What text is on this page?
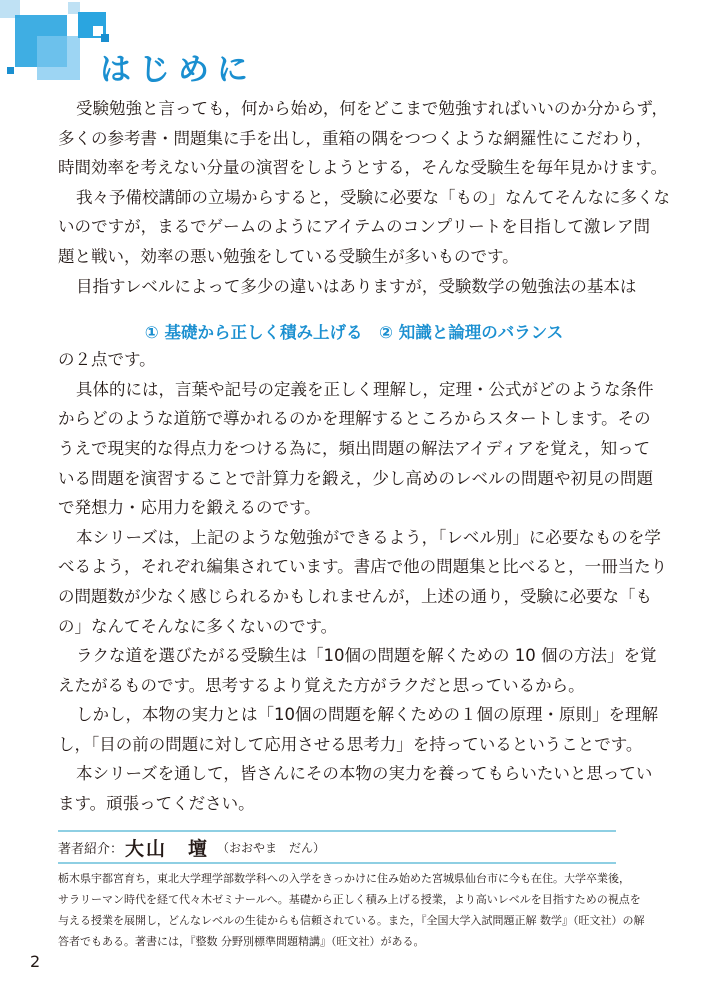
はじめに
受験勉強と言っても，何から始め，何をどこまで勉強すればいいのか分からず，
多くの参考書・問題集に手を出し，重箱の隅をつつくような網羅性にこだわり，
時間効率を考えない分量の演習をしようとする，そんな受験生を毎年見かけます。
我々予備校講師の立場からすると，受験に必要な「もの」なんてそんなに多くな
いのですが，まるでゲームのようにアイテムのコンプリートを目指して激レア問
題と戦い，効率の悪い勉強をしている受験生が多いものです。
目指すレベルによって多少の違いはありますが，受験数学の勉強法の基本は
① 基礎から正しく積み上げる　② 知識と論理のバランス
の２点です。
具体的には，言葉や記号の定義を正しく理解し，定理・公式がどのような条件
からどのような道筋で導かれるのかを理解するところからスタートします。その
うえで現実的な得点力をつける為に，頻出問題の解法アイディアを覚え，知って
いる問題を演習することで計算力を鍛え，少し高めのレベルの問題や初見の問題
で発想力・応用力を鍛えるのです。
本シリーズは，上記のような勉強ができるよう，「レベル別」に必要なものを学
べるよう，それぞれ編集されています。書店で他の問題集と比べると，一冊当たり
の問題数が少なく感じられるかもしれませんが，上述の通り，受験に必要な「も
の」なんてそんなに多くないのです。
ラクな道を選びたがる受験生は「10個の問題を解くための 10 個の方法」を覚
えたがるものです。思考するより覚えた方がラクだと思っているから。
しかし，本物の実力とは「10個の問題を解くための１個の原理・原則」を理解
し，「目の前の問題に対して応用させる思考力」を持っているということです。
本シリーズを通して，皆さんにその本物の実力を養ってもらいたいと思ってい
ます。頑張ってください。
著者紹介： 大山　壇 （おおやま　だん）
栃木県宇都宮育ち，東北大学理学部数学科への入学をきっかけに住み始めた宮城県仙台市に今も在住。大学卒業後，
サラリーマン時代を経て代々木ゼミナールへ。基礎から正しく積み上げる授業，より高いレベルを目指すための視点を
与える授業を展開し，どんなレベルの生徒からも信頼されている。また，『全国大学入試問題正解 数学』（旺文社）の解
答者でもある。著書には，『整数 分野別標準問題精講』（旺文社）がある。
2
